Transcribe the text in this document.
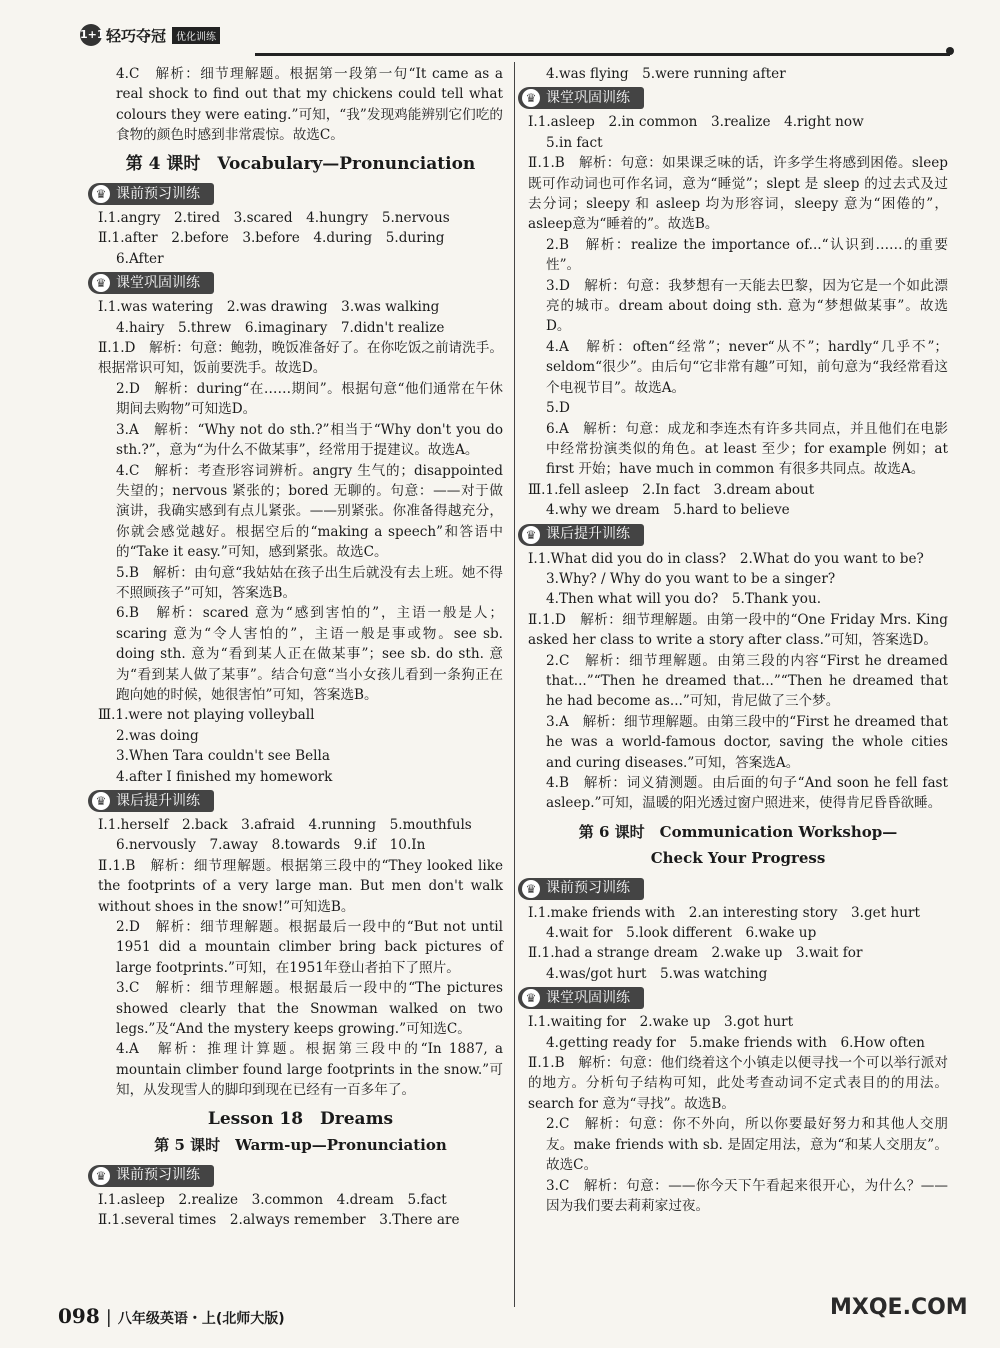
1+1 轻巧夺冠	优化训练

4.C　解析：细节理解题。根据第一段第一句“It came as a real shock to find out that my chickens could tell what colours they were eating.”可知，“我”发现鸡能辨别它们吃的食物的颜色时感到非常震惊。故选C。

第 4 课时　Vocabulary—Pronunciation
♛ 课前预习训练

Ⅰ.1.angry　2.tired　3.scared　4.hungry　5.nervous

Ⅱ.1.after　2.before　3.before　4.during　5.during

6.After

♛ 课堂巩固训练

Ⅰ.1.was watering　2.was drawing　3.was walking

4.hairy　5.threw　6.imaginary　7.didn't realize

Ⅱ.1.D　解析：句意：鲍勃，晚饭准备好了。在你吃饭之前请洗手。根据常识可知，饭前要洗手。故选D。

2.D　解析：during“在……期间”。根据句意“他们通常在午休期间去购物”可知选D。

3.A　解析：“Why not do sth.?”相当于“Why don't you do sth.?”，意为“为什么不做某事”，经常用于提建议。故选A。

4.C　解析：考查形容词辨析。angry 生气的；disappointed 失望的；nervous 紧张的；bored 无聊的。句意：——对于做演讲，我确实感到有点儿紧张。——别紧张。你准备得越充分，你就会感觉越好。根据空后的“making a speech”和答语中的“Take it easy.”可知，感到紧张。故选C。

5.B　解析：由句意“我姑姑在孩子出生后就没有去上班。她不得不照顾孩子”可知，答案选B。

6.B　解析：scared 意为“感到害怕的”，主语一般是人；scaring 意为“令人害怕的”，主语一般是事或物。see sb. doing sth. 意为“看到某人正在做某事”；see sb. do sth. 意为“看到某人做了某事”。结合句意“当小女孩儿看到一条狗正在跑向她的时候，她很害怕”可知，答案选B。

Ⅲ.1.were not playing volleyball

2.was doing

3.When Tara couldn't see Bella

4.after I finished my homework

♛ 课后提升训练

Ⅰ.1.herself　2.back　3.afraid　4.running　5.mouthfuls

6.nervously　7.away　8.towards　9.if　10.In

Ⅱ.1.B　解析：细节理解题。根据第三段中的“They looked like the footprints of a very large man. But men don't walk without shoes in the snow!”可知选B。

2.D　解析：细节理解题。根据最后一段中的“But not until 1951 did a mountain climber bring back pictures of large footprints.”可知，在1951年登山者拍下了照片。

3.C　解析：细节理解题。根据最后一段中的“The pictures showed clearly that the Snowman walked on two legs.”及“And the mystery keeps growing.”可知选C。

4.A　解析：推理计算题。根据第三段中的“In 1887, a mountain climber found large footprints in the snow.”可知，从发现雪人的脚印到现在已经有一百多年了。

Lesson 18　Dreams
第 5 课时　Warm-up—Pronunciation
♛ 课前预习训练

Ⅰ.1.asleep　2.realize　3.common　4.dream　5.fact

Ⅱ.1.several times　2.always remember　3.There are

4.was flying　5.were running after

♛ 课堂巩固训练

Ⅰ.1.asleep　2.in common　3.realize　4.right now

5.in fact

Ⅱ.1.B　解析：句意：如果课乏味的话，许多学生将感到困倦。sleep 既可作动词也可作名词，意为“睡觉”；slept 是 sleep 的过去式及过去分词；sleepy 和 asleep 均为形容词，sleepy 意为“困倦的”，asleep意为“睡着的”。故选B。

2.B　解析：realize the importance of...“认识到……的重要性”。

3.D　解析：句意：我梦想有一天能去巴黎，因为它是一个如此漂亮的城市。dream about doing sth. 意为“梦想做某事”。故选D。

4.A　解析：often“经常”；never“从不”；hardly“几乎不”；seldom“很少”。由后句“它非常有趣”可知，前句意为“我经常看这个电视节目”。故选A。

5.D

6.A　解析：句意：成龙和李连杰有许多共同点，并且他们在电影中经常扮演类似的角色。at least 至少；for example 例如；at first 开始；have much in common 有很多共同点。故选A。

Ⅲ.1.fell asleep　2.In fact　3.dream about

4.why we dream　5.hard to believe

♛ 课后提升训练

Ⅰ.1.What did you do in class?　2.What do you want to be?

3.Why? / Why do you want to be a singer?

4.Then what will you do?　5.Thank you.

Ⅱ.1.D　解析：细节理解题。由第一段中的“One Friday Mrs. King asked her class to write a story after class.”可知，答案选D。

2.C　解析：细节理解题。由第三段的内容“First he dreamed that...”“Then he dreamed that...”“Then he dreamed that he had become as...”可知，肯尼做了三个梦。

3.A　解析：细节理解题。由第三段中的“First he dreamed that he was a world-famous doctor, saving the whole cities and curing diseases.”可知，答案选A。

4.B　解析：词义猜测题。由后面的句子“And soon he fell fast asleep.”可知，温暖的阳光透过窗户照进来，使得肯尼昏昏欲睡。

第 6 课时　Communication Workshop—
Check Your Progress
♛ 课前预习训练

Ⅰ.1.make friends with　2.an interesting story　3.get hurt

4.wait for　5.look different　6.wake up

Ⅱ.1.had a strange dream　2.wake up　3.wait for

4.was/got hurt　5.was watching

♛ 课堂巩固训练

Ⅰ.1.waiting for　2.wake up　3.got hurt

4.getting ready for　5.make friends with　6.How often

Ⅱ.1.B　解析：句意：他们绕着这个小镇走以便寻找一个可以举行派对的地方。分析句子结构可知，此处考查动词不定式表目的的用法。search for 意为“寻找”。故选B。

2.C　解析：句意：你不外向，所以你要最好努力和其他人交朋友。make friends with sb. 是固定用法，意为“和某人交朋友”。故选C。

3.C　解析：句意：——你今天下午看起来很开心，为什么？——因为我们要去莉莉家过夜。

098 | 八年级英语・上(北师大版)	MXQE.COM
